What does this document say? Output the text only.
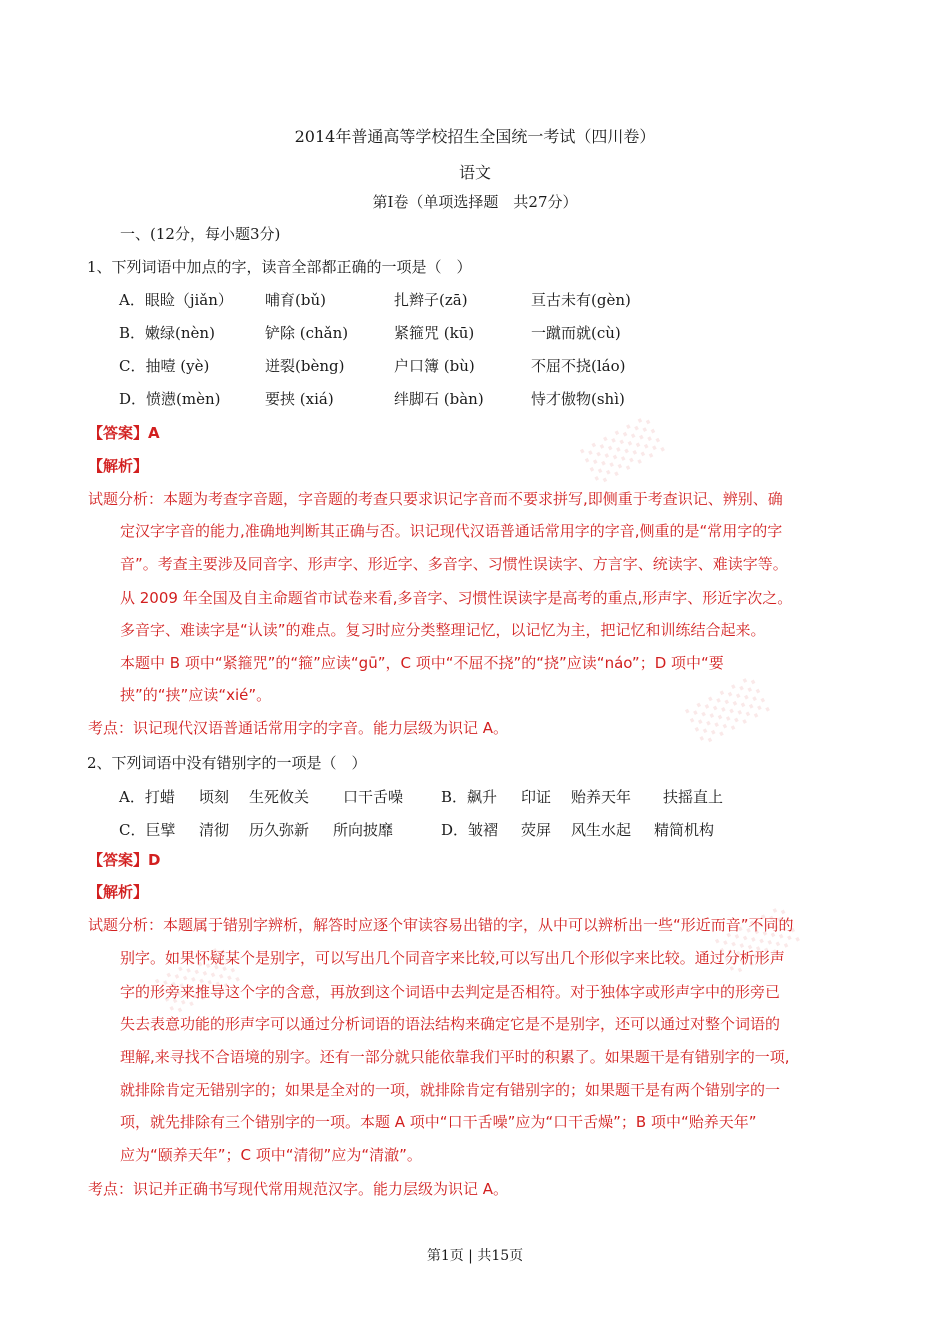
░░░
░░░
░░░
░░░
2014年普通高等学校招生全国统一考试（四川卷）
语文
第Ⅰ卷（单项选择题　共27分）
一、(12分，每小题3分)
1、下列词语中加点的字，读音全部都正确的一项是（　）
A．眼睑（jiǎn） 哺育(bǔ)	扎辫子(zā)	亘古未有(gèn)
B．嫩绿(nèn)	铲除 (chǎn)	紧箍咒 (kū)	一蹴而就(cù)
C．抽噎 (yè)	迸裂(bèng)	户口簿 (bù)	不屈不挠(láo)
D．愤懑(mèn)	要挟 (xiá)	绊脚石 (bàn)	恃才傲物(shì)
【答案】A
【解析】
试题分析：本题为考查字音题，字音题的考查只要求识记字音而不要求拼写,即侧重于考查识记、辨别、确
定汉字字音的能力,准确地判断其正确与否。识记现代汉语普通话常用字的字音,侧重的是“常用字的字
音”。考查主要涉及同音字、形声字、形近字、多音字、习惯性误读字、方言字、统读字、难读字等。
从 2009 年全国及自主命题省市试卷来看,多音字、习惯性误读字是高考的重点,形声字、形近字次之。
多音字、难读字是“认读”的难点。复习时应分类整理记忆，以记忆为主，把记忆和训练结合起来。
本题中 B 项中“紧箍咒”的“箍”应读“gū”，C 项中“不屈不挠”的“挠”应读“náo”；D 项中“要
挟”的“挟”应读“xié”。
考点：识记现代汉语普通话常用字的字音。能力层级为识记 A。
2、下列词语中没有错别字的一项是（　）
A．打蜡 顷刻 生死攸关 口干舌噪	B．飙升 印证 贻养天年 扶摇直上
C．巨擘 清彻 历久弥新 所向披靡	D．皱褶 荧屏 风生水起 精简机构
【答案】D
【解析】
试题分析：本题属于错别字辨析，解答时应逐个审读容易出错的字，从中可以辨析出一些“形近而音”不同的
别字。如果怀疑某个是别字，可以写出几个同音字来比较,可以写出几个形似字来比较。通过分析形声
字的形旁来推导这个字的含意，再放到这个词语中去判定是否相符。对于独体字或形声字中的形旁已
失去表意功能的形声字可以通过分析词语的语法结构来确定它是不是别字，还可以通过对整个词语的
理解,来寻找不合语境的别字。还有一部分就只能依靠我们平时的积累了。如果题干是有错别字的一项,
就排除肯定无错别字的；如果是全对的一项，就排除肯定有错别字的；如果题干是有两个错别字的一
项，就先排除有三个错别字的一项。本题 A 项中“口干舌噪”应为“口干舌燥”；B 项中“贻养天年”
应为“颐养天年”；C 项中“清彻”应为“清澈”。
考点：识记并正确书写现代常用规范汉字。能力层级为识记 A。
第1页 | 共15页
